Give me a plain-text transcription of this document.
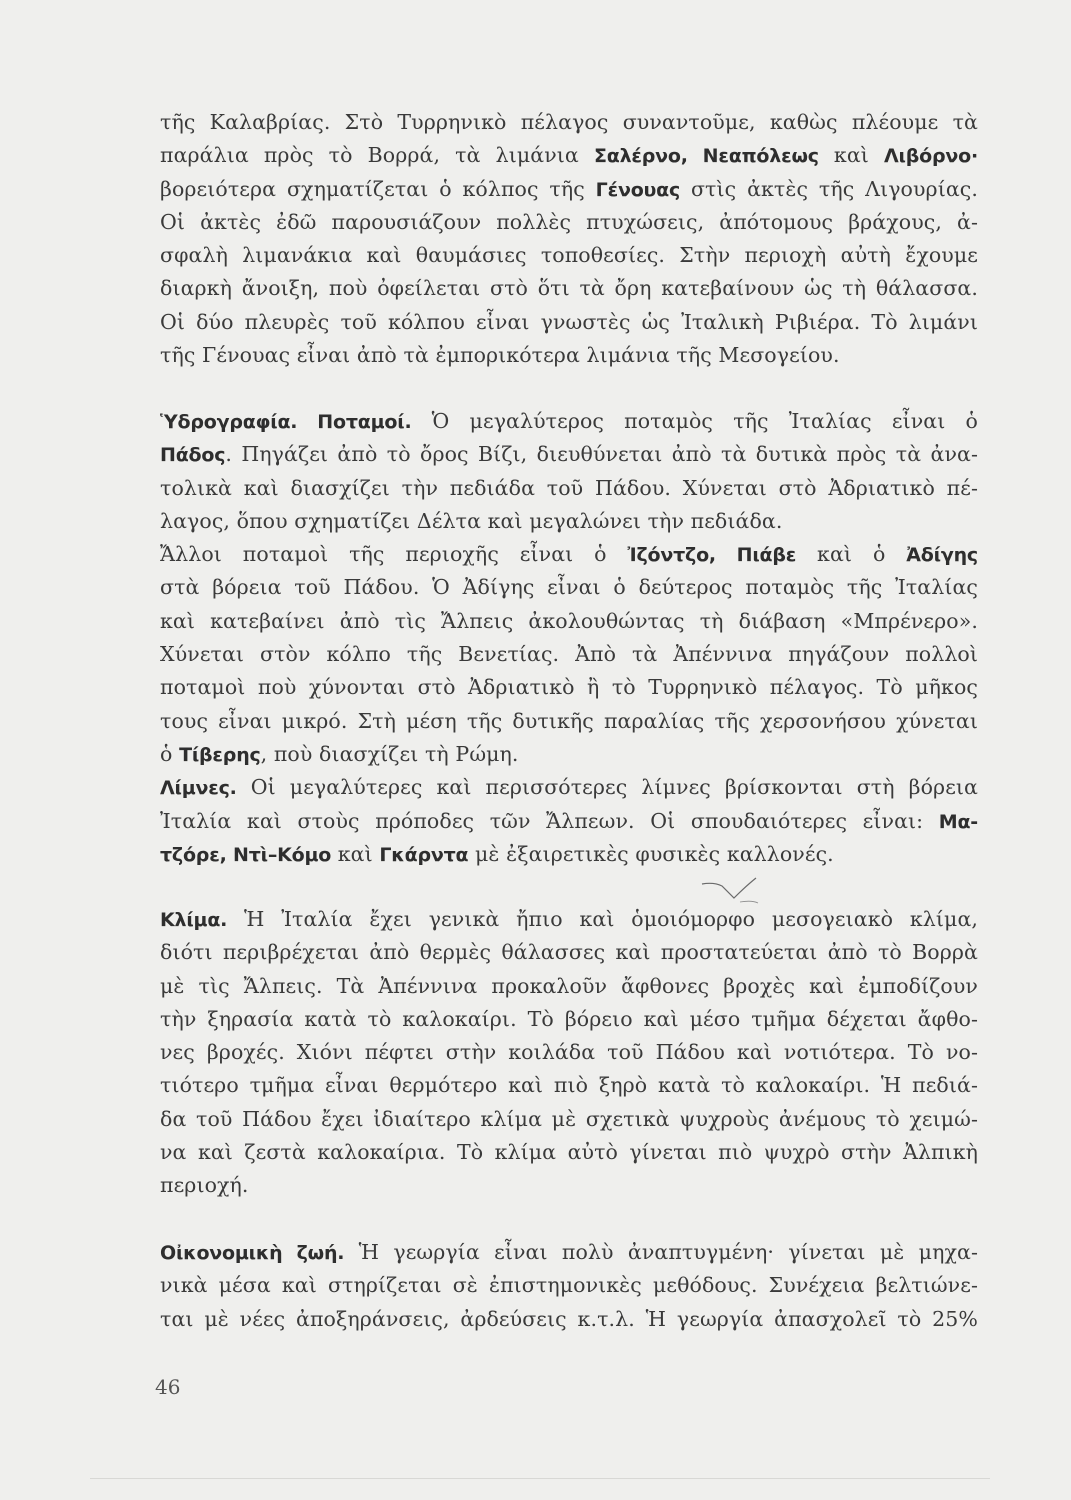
τῆς Καλαβρίας. Στὸ Τυρρηνικὸ πέλαγος συναντοῦμε, καθὼς πλέουμε τὰ
παράλια πρὸς τὸ Βορρά, τὰ λιμάνια Σαλέρνο, Νεαπόλεως καὶ Λιβόρνο·
βορειότερα σχηματίζεται ὁ κόλπος τῆς Γένουας στὶς ἀκτὲς τῆς Λιγουρίας.
Οἱ ἀκτὲς ἐδῶ παρουσιάζουν πολλὲς πτυχώσεις, ἀπότομους βράχους, ἀ-
σφαλὴ λιμανάκια καὶ θαυμάσιες τοποθεσίες. Στὴν περιοχὴ αὐτὴ ἔχουμε
διαρκὴ ἄνοιξη, ποὺ ὀφείλεται στὸ ὅτι τὰ ὄρη κατεβαίνουν ὡς τὴ θάλασσα.
Οἱ δύο πλευρὲς τοῦ κόλπου εἶναι γνωστὲς ὡς Ἰταλικὴ Ριβιέρα. Τὸ λιμάνι
τῆς Γένουας εἶναι ἀπὸ τὰ ἐμπορικότερα λιμάνια τῆς Μεσογείου.
Ὑδρογραφία. Ποταμοί. Ὁ μεγαλύτερος ποταμὸς τῆς Ἰταλίας εἶναι ὁ
Πάδος. Πηγάζει ἀπὸ τὸ ὄρος Βίζι, διευθύνεται ἀπὸ τὰ δυτικὰ πρὸς τὰ ἀνα-
τολικὰ καὶ διασχίζει τὴν πεδιάδα τοῦ Πάδου. Χύνεται στὸ Ἀδριατικὸ πέ-
λαγος, ὅπου σχηματίζει Δέλτα καὶ μεγαλώνει τὴν πεδιάδα.
Ἄλλοι ποταμοὶ τῆς περιοχῆς εἶναι ὁ Ἰζόντζο, Πιάβε καὶ ὁ Ἀδίγης
στὰ βόρεια τοῦ Πάδου. Ὁ Ἀδίγης εἶναι ὁ δεύτερος ποταμὸς τῆς Ἰταλίας
καὶ κατεβαίνει ἀπὸ τὶς Ἄλπεις ἀκολουθώντας τὴ διάβαση «Μπρένερο».
Χύνεται στὸν κόλπο τῆς Βενετίας. Ἀπὸ τὰ Ἀπέννινα πηγάζουν πολλοὶ
ποταμοὶ ποὺ χύνονται στὸ Ἀδριατικὸ ἢ τὸ Τυρρηνικὸ πέλαγος. Τὸ μῆκος
τους εἶναι μικρό. Στὴ μέση τῆς δυτικῆς παραλίας τῆς χερσονήσου χύνεται
ὁ Τίβερης, ποὺ διασχίζει τὴ Ρώμη.
Λίμνες. Οἱ μεγαλύτερες καὶ περισσότερες λίμνες βρίσκονται στὴ βόρεια
Ἰταλία καὶ στοὺς πρόποδες τῶν Ἄλπεων. Οἱ σπουδαιότερες εἶναι: Μα-
τζόρε, Ντὶ–Κόμο καὶ Γκάρντα μὲ ἐξαιρετικὲς φυσικὲς καλλονές.
Κλίμα. Ἡ Ἰταλία ἔχει γενικὰ ἤπιο καὶ ὁμοιόμορφο μεσογειακὸ κλίμα,
διότι περιβρέχεται ἀπὸ θερμὲς θάλασσες καὶ προστατεύεται ἀπὸ τὸ Βορρὰ
μὲ τὶς Ἄλπεις. Τὰ Ἀπέννινα προκαλοῦν ἄφθονες βροχὲς καὶ ἐμποδίζουν
τὴν ξηρασία κατὰ τὸ καλοκαίρι. Τὸ βόρειο καὶ μέσο τμῆμα δέχεται ἄφθο-
νες βροχές. Χιόνι πέφτει στὴν κοιλάδα τοῦ Πάδου καὶ νοτιότερα. Τὸ νο-
τιότερο τμῆμα εἶναι θερμότερο καὶ πιὸ ξηρὸ κατὰ τὸ καλοκαίρι. Ἡ πεδιά-
δα τοῦ Πάδου ἔχει ἰδιαίτερο κλίμα μὲ σχετικὰ ψυχροὺς ἀνέμους τὸ χειμώ-
να καὶ ζεστὰ καλοκαίρια. Τὸ κλίμα αὐτὸ γίνεται πιὸ ψυχρὸ στὴν Ἀλπικὴ
περιοχή.
Οἰκονομικὴ ζωή. Ἡ γεωργία εἶναι πολὺ ἀναπτυγμένη· γίνεται μὲ μηχα-
νικὰ μέσα καὶ στηρίζεται σὲ ἐπιστημονικὲς μεθόδους. Συνέχεια βελτιώνε-
ται μὲ νέες ἀποξηράνσεις, ἀρδεύσεις κ.τ.λ. Ἡ γεωργία ἀπασχολεῖ τὸ 25%
46
